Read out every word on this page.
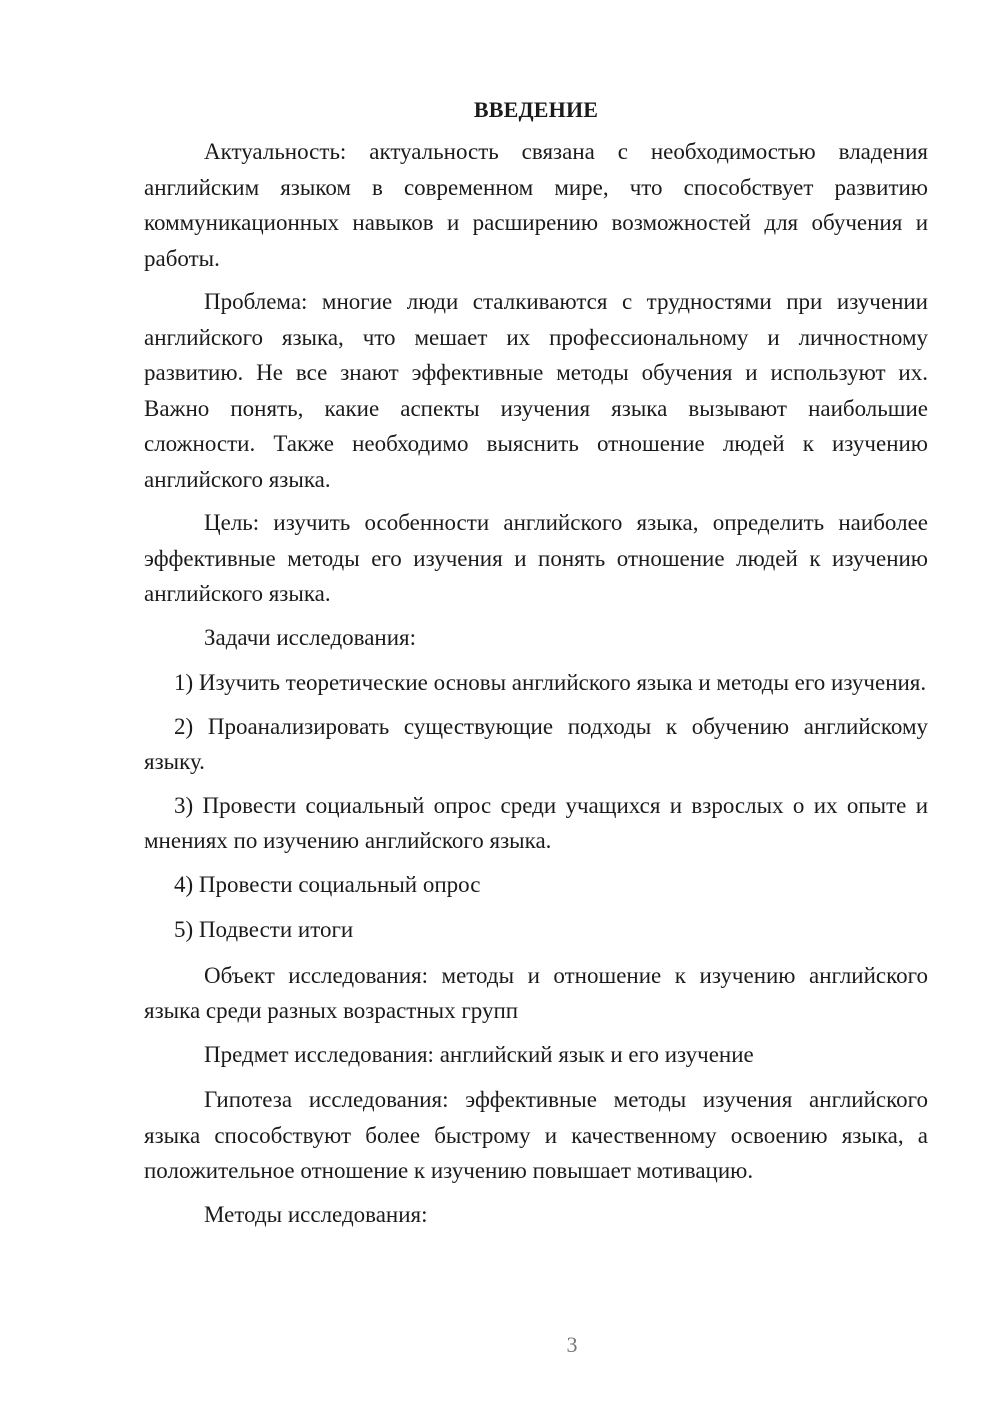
ВВЕДЕНИЕ

Актуальность: актуальность связана с необходимостью владения английским языком в современном мире, что способствует развитию коммуникационных навыков и расширению возможностей для обучения и работы.

Проблема: многие люди сталкиваются с трудностями при изучении английского языка, что мешает их профессиональному и личностному развитию. Не все знают эффективные методы обучения и используют их. Важно понять, какие аспекты изучения языка вызывают наибольшие сложности. Также необходимо выяснить отношение людей к изучению английского языка.

Цель: изучить особенности английского языка, определить наиболее эффективные методы его изучения и понять отношение людей к изучению английского языка.

Задачи исследования:

1) Изучить теоретические основы английского языка и методы его изучения.

2) Проанализировать существующие подходы к обучению английскому языку.

3) Провести социальный опрос среди учащихся и взрослых о их опыте и мнениях по изучению английского языка.

4) Провести социальный опрос

5) Подвести итоги

Объект исследования: методы и отношение к изучению английского языка среди разных возрастных групп

Предмет исследования: английский язык и его изучение

Гипотеза исследования: эффективные методы изучения английского языка способствуют более быстрому и качественному освоению языка, а положительное отношение к изучению повышает мотивацию.

Методы исследования:

3
